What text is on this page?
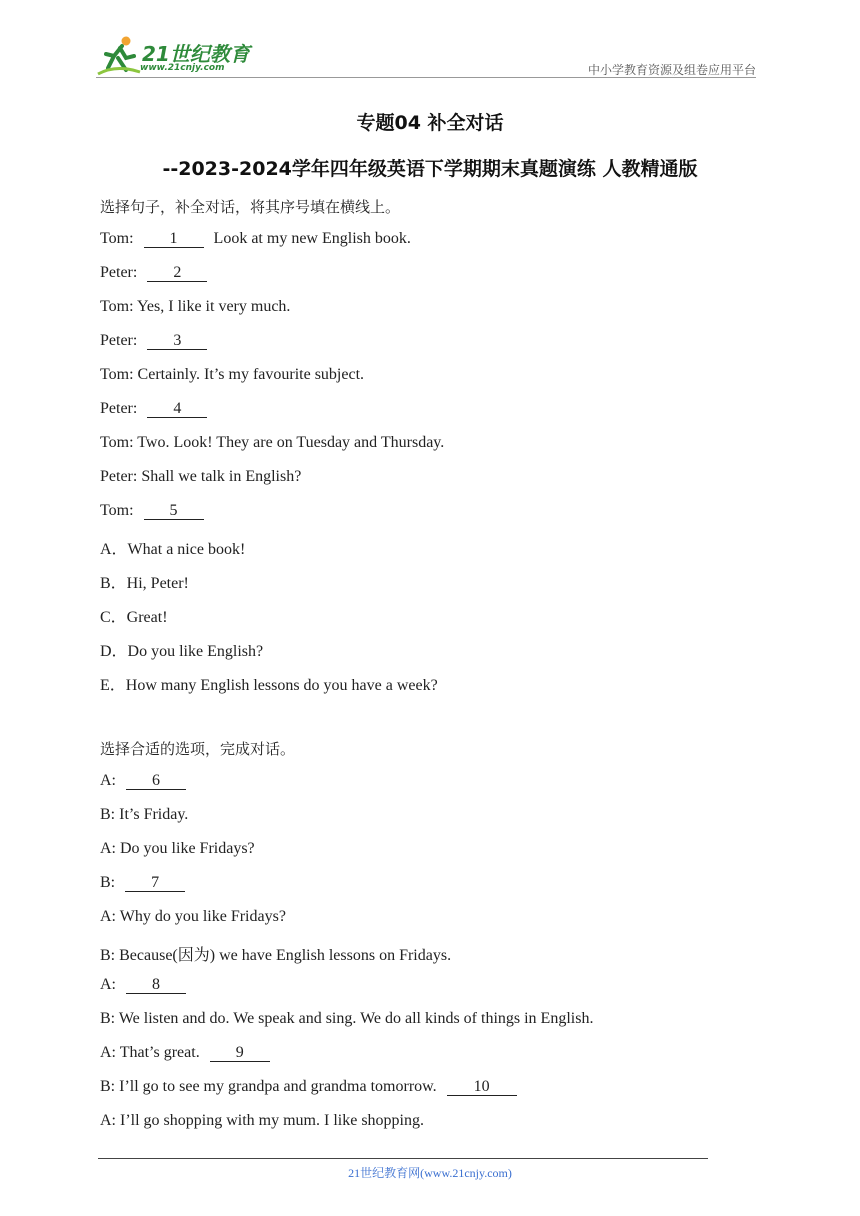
21世纪教育
www.21cnjy.com	中小学教育资源及组卷应用平台
专题04 补全对话
--2023-2024学年四年级英语下学期期末真题演练 人教精通版
选择句子，补全对话，将其序号填在横线上。
Tom: 1 Look at my new English book.
Peter: 2
Tom: Yes, I like it very much.
Peter: 3
Tom: Certainly. It’s my favourite subject.
Peter: 4
Tom: Two. Look! They are on Tuesday and Thursday.
Peter: Shall we talk in English?
Tom: 5
A．What a nice book!
B．Hi, Peter!
C．Great!
D．Do you like English?
E．How many English lessons do you have a week?
选择合适的选项，完成对话。
A: 6
B: It’s Friday.
A: Do you like Fridays?
B: 7
A: Why do you like Fridays?
B: Because(因为) we have English lessons on Fridays.
A: 8
B: We listen and do. We speak and sing. We do all kinds of things in English.
A: That’s great. 9
B: I’ll go to see my grandpa and grandma tomorrow. 10
A: I’ll go shopping with my mum. I like shopping.
21世纪教育网(www.21cnjy.com)
